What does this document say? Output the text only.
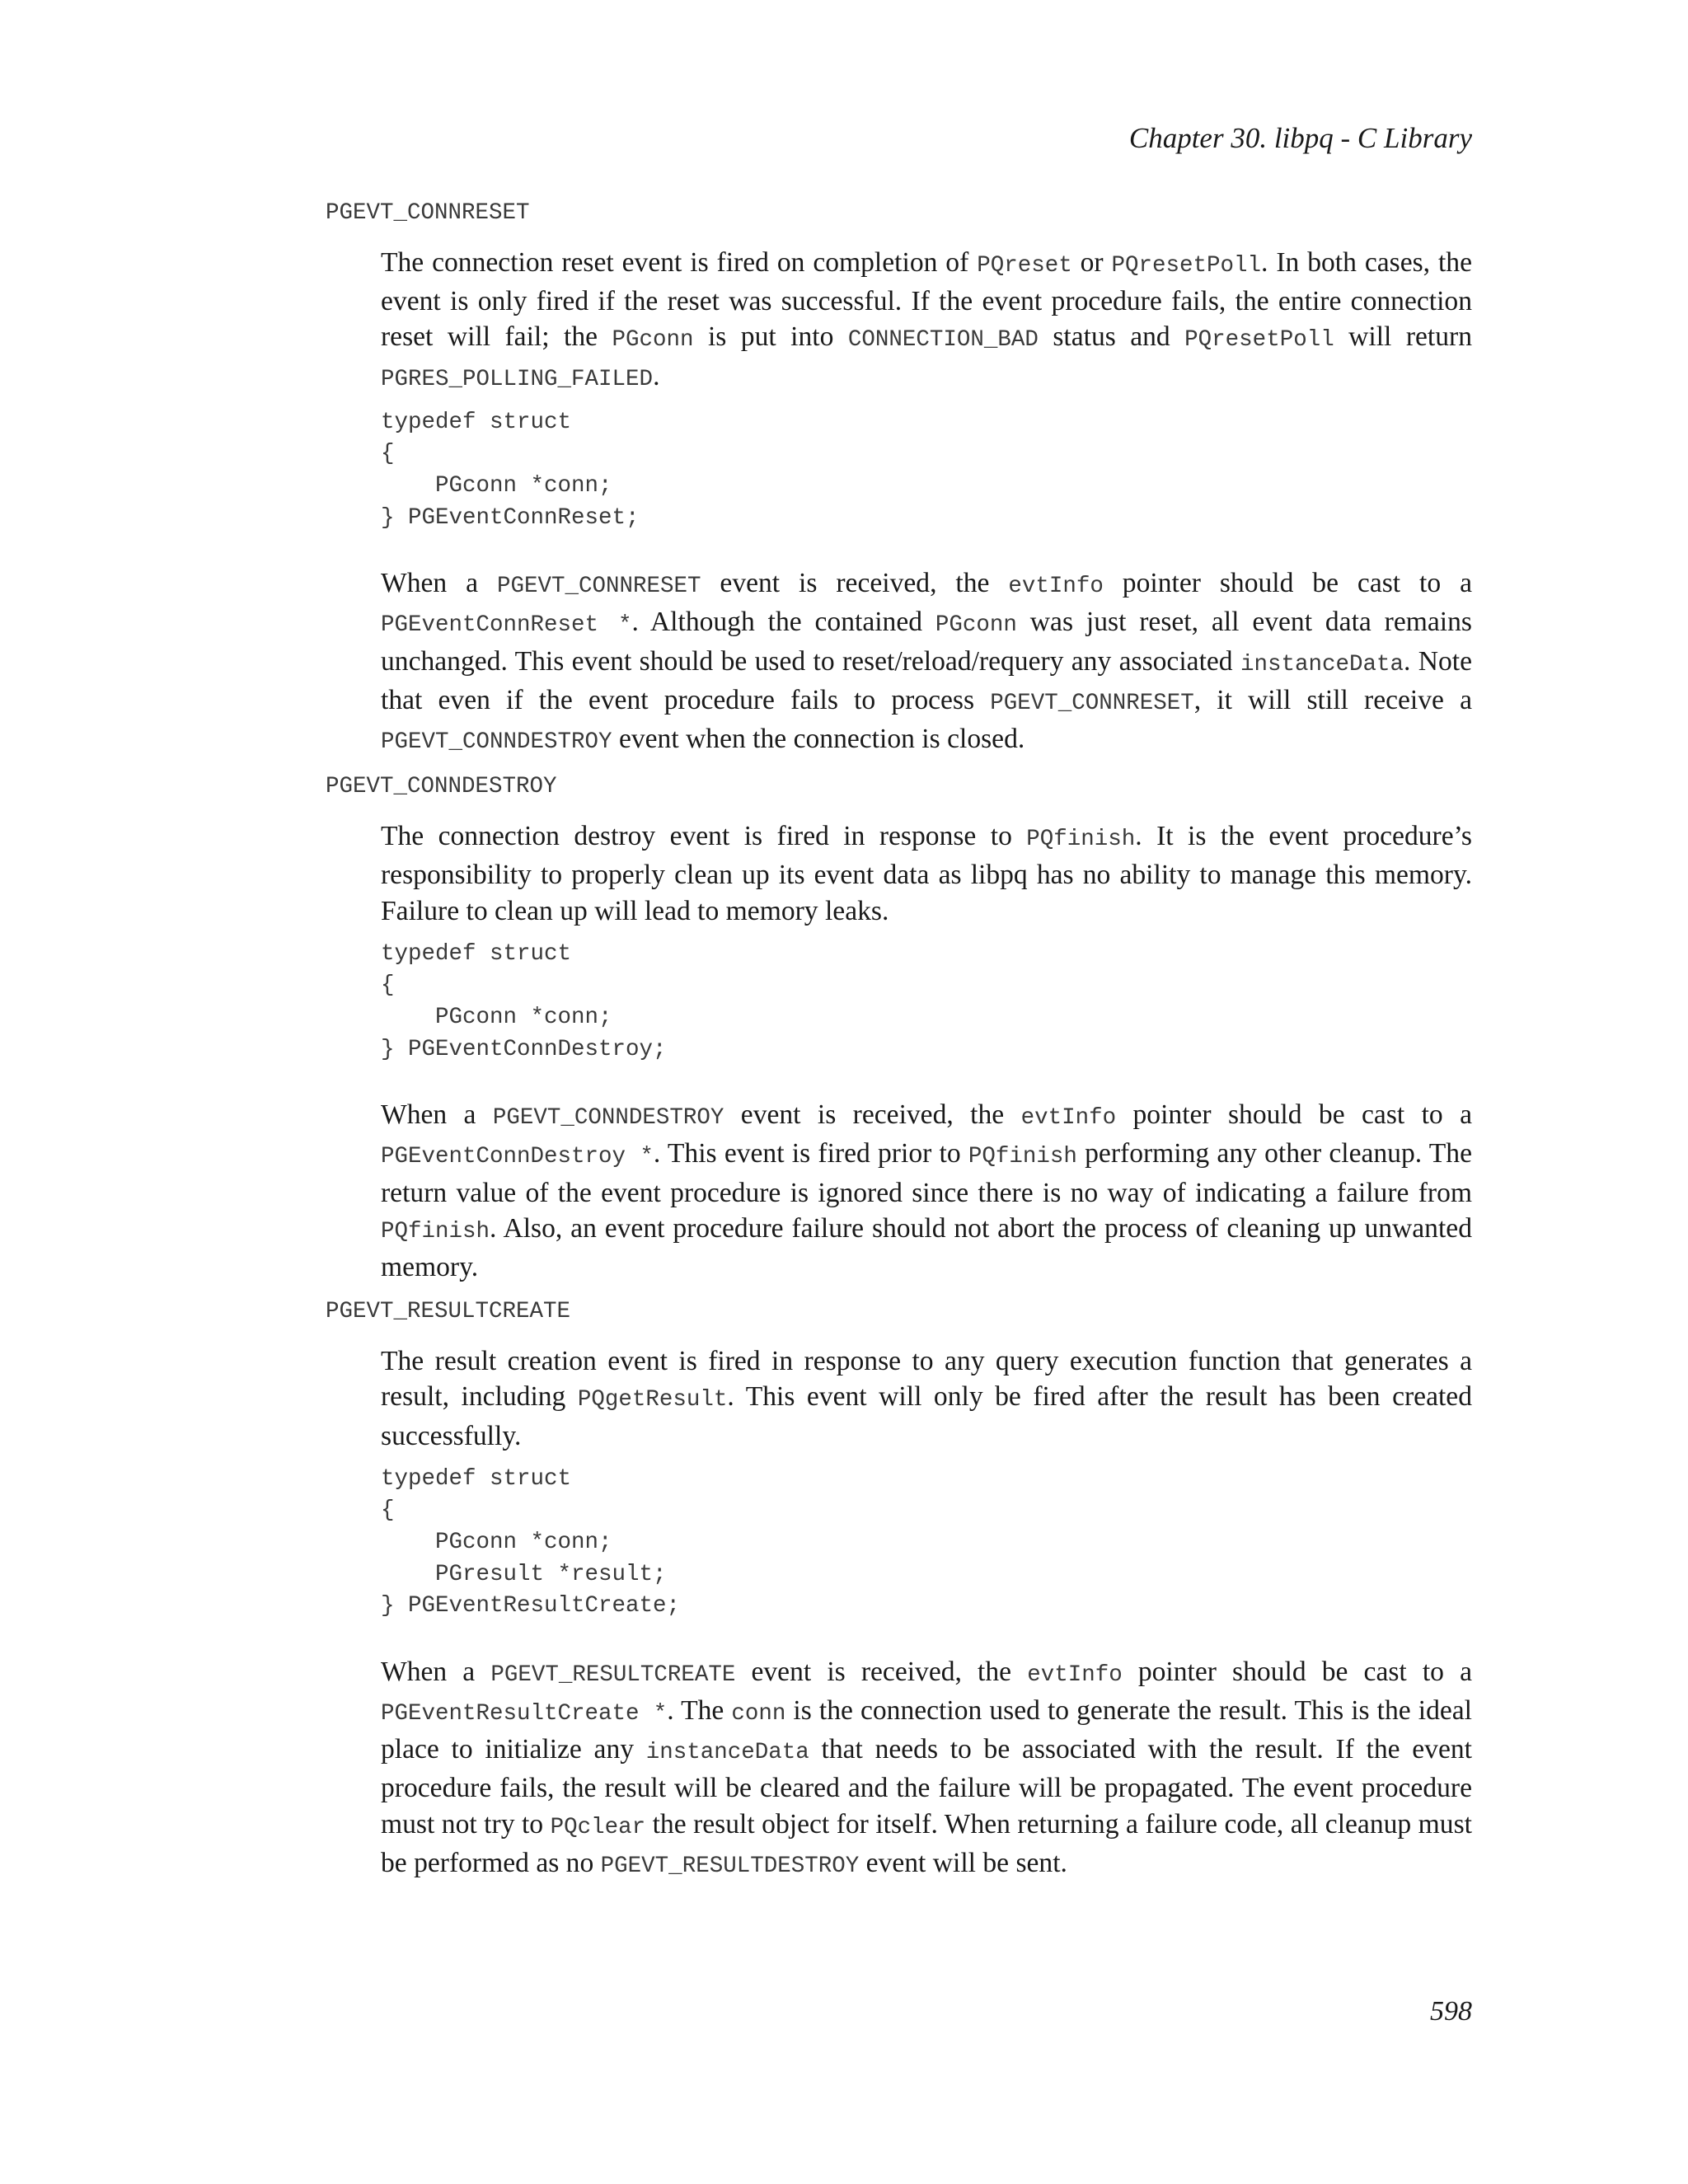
Chapter 30. libpq - C Library
PGEVT_CONNRESET

The connection reset event is fired on completion of PQreset or PQresetPoll. In both cases, the event is only fired if the reset was successful. If the event procedure fails, the entire connection reset will fail; the PGconn is put into CONNECTION_BAD status and PQresetPoll will return PGRES_POLLING_FAILED.

typedef struct
{
PGconn *conn;
} PGEventConnReset;

When a PGEVT_CONNRESET event is received, the evtInfo pointer should be cast to a PGEventConnReset *. Although the contained PGconn was just reset, all event data remains unchanged. This event should be used to reset/reload/requery any associated instanceData. Note that even if the event procedure fails to process PGEVT_CONNRESET, it will still receive a PGEVT_CONNDESTROY event when the connection is closed.

PGEVT_CONNDESTROY

The connection destroy event is fired in response to PQfinish. It is the event procedure’s responsibility to properly clean up its event data as libpq has no ability to manage this memory. Failure to clean up will lead to memory leaks.

typedef struct
{
PGconn *conn;
} PGEventConnDestroy;

When a PGEVT_CONNDESTROY event is received, the evtInfo pointer should be cast to a PGEventConnDestroy *. This event is fired prior to PQfinish performing any other cleanup. The return value of the event procedure is ignored since there is no way of indicating a failure from PQfinish. Also, an event procedure failure should not abort the process of cleaning up unwanted memory.

PGEVT_RESULTCREATE

The result creation event is fired in response to any query execution function that generates a result, including PQgetResult. This event will only be fired after the result has been created successfully.

typedef struct
{
PGconn *conn;
PGresult *result;
} PGEventResultCreate;

When a PGEVT_RESULTCREATE event is received, the evtInfo pointer should be cast to a PGEventResultCreate *. The conn is the connection used to generate the result. This is the ideal place to initialize any instanceData that needs to be associated with the result. If the event procedure fails, the result will be cleared and the failure will be propagated. The event procedure must not try to PQclear the result object for itself. When returning a failure code, all cleanup must be performed as no PGEVT_RESULTDESTROY event will be sent.

598
